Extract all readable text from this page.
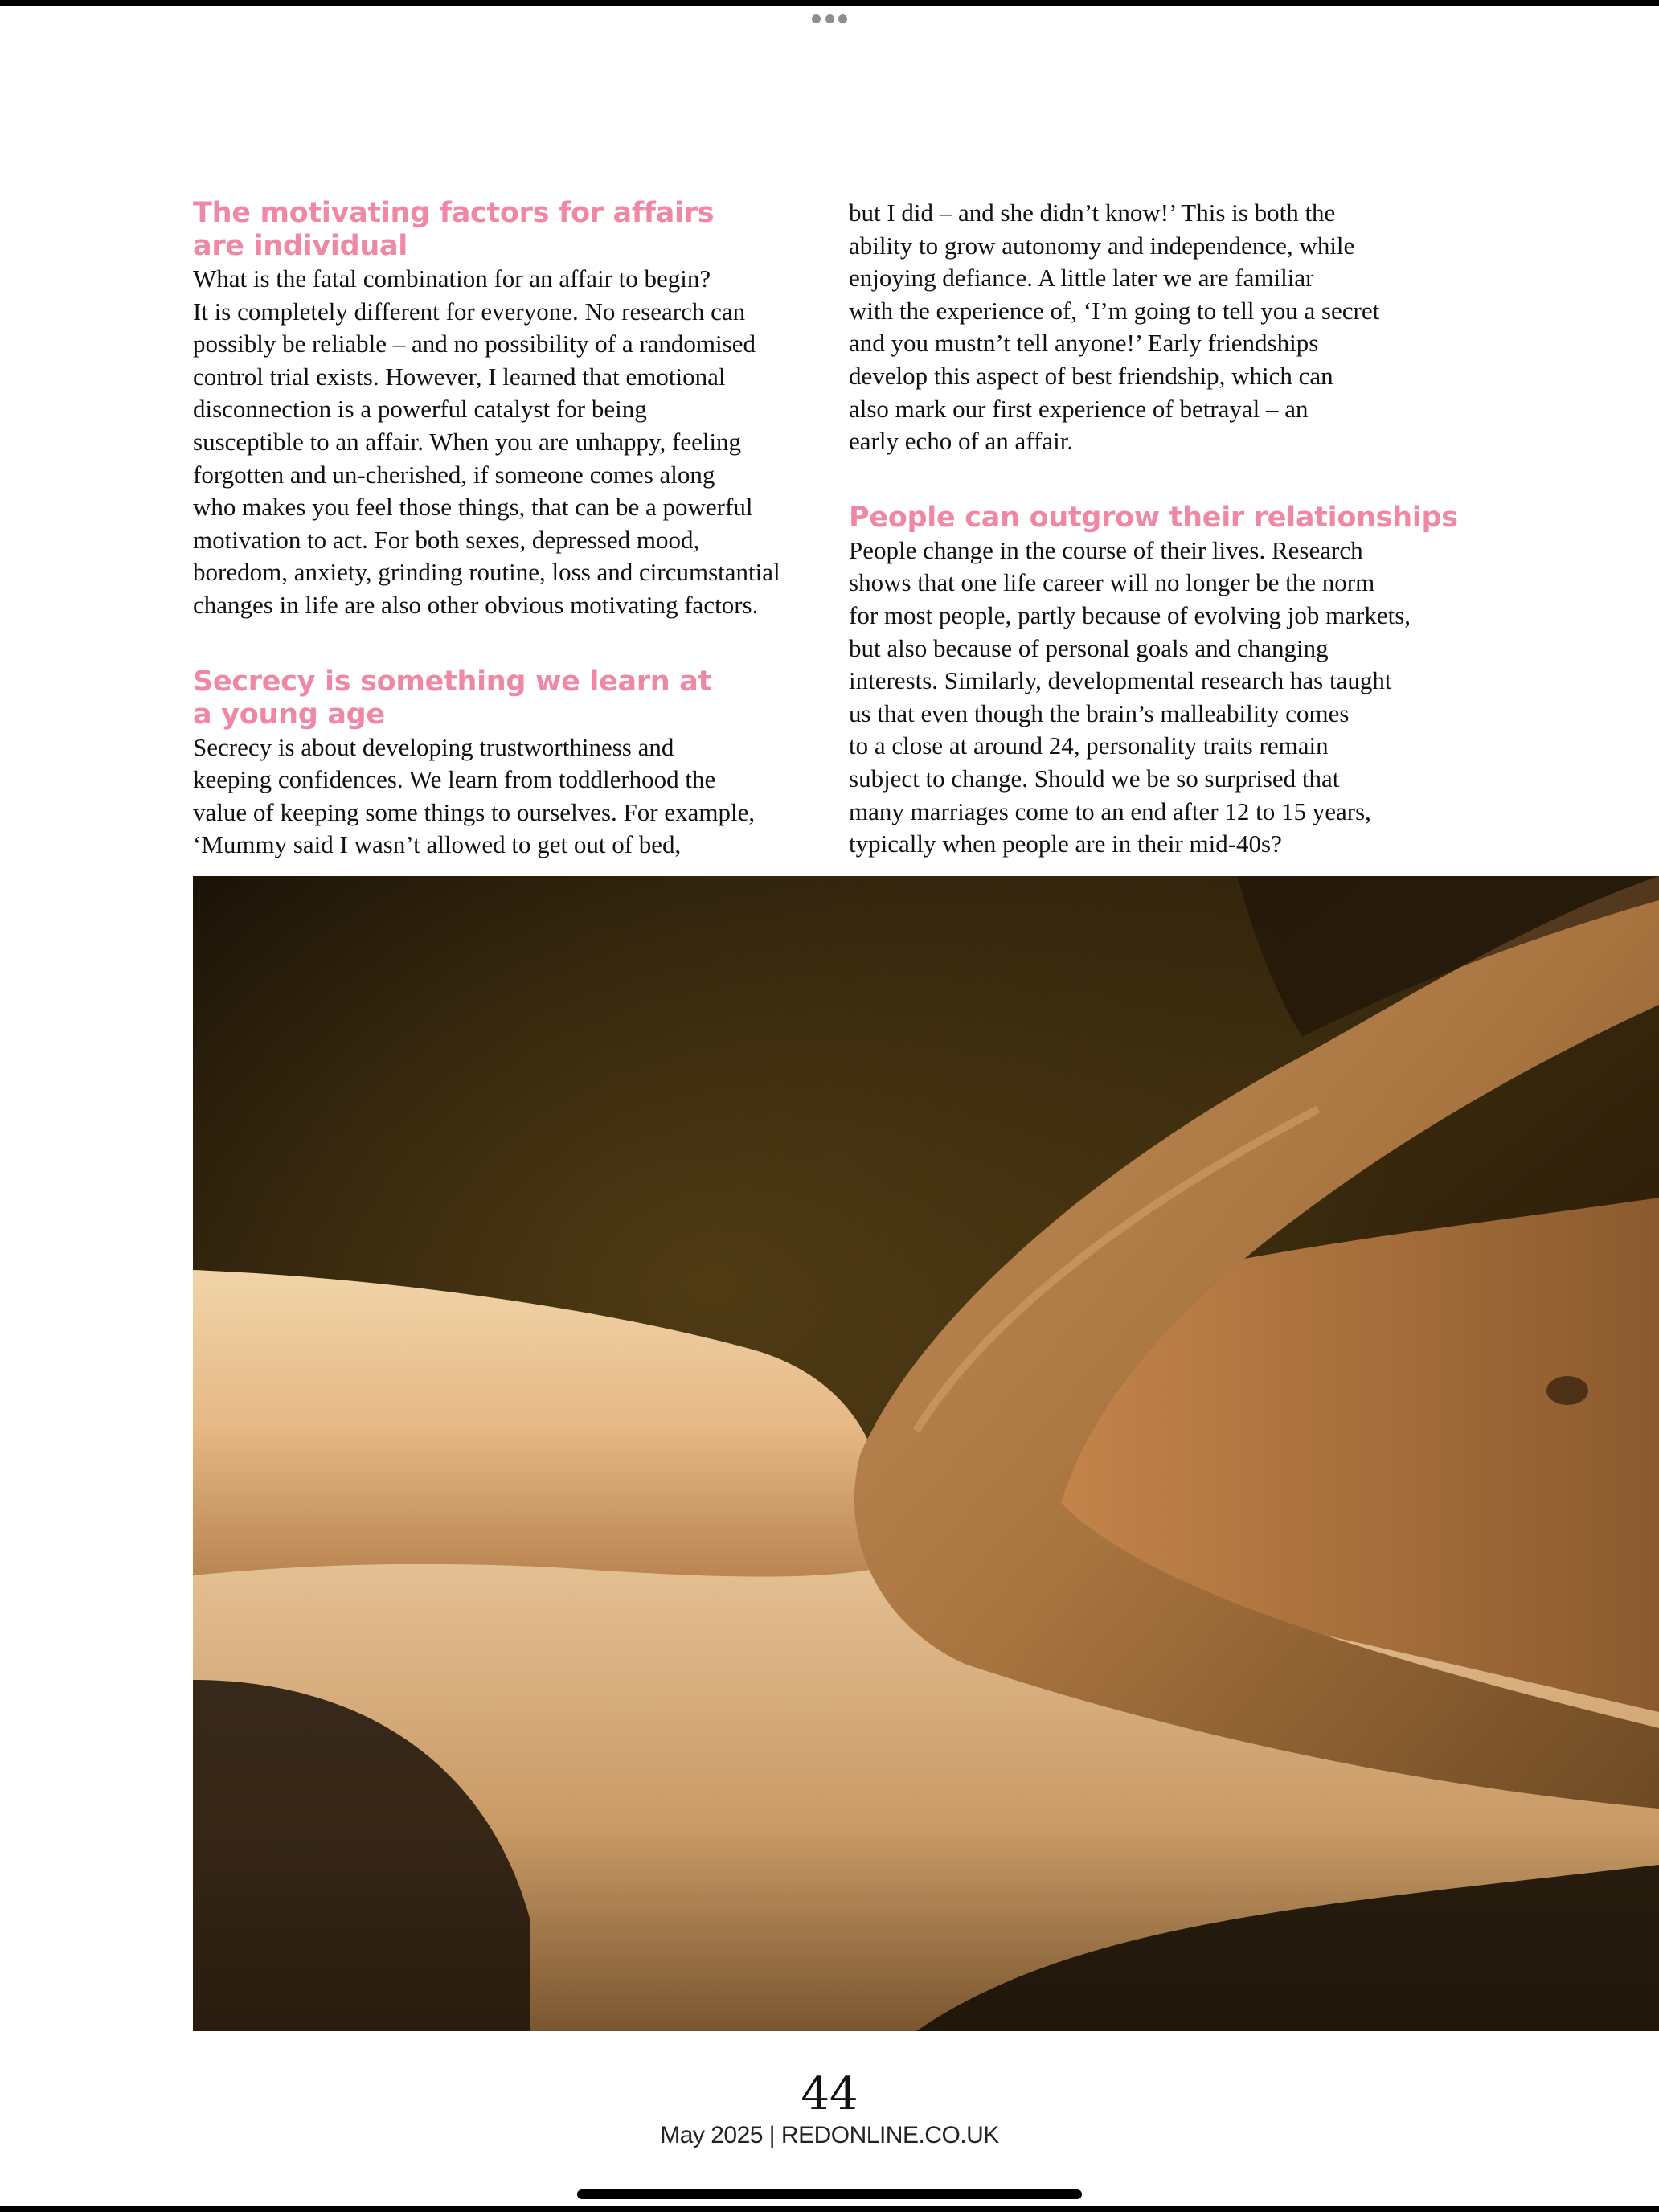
The motivating factors for affairs
are individual

What is the fatal combination for an affair to begin?
It is completely different for everyone. No research can
possibly be reliable – and no possibility of a randomised
control trial exists. However, I learned that emotional
disconnection is a powerful catalyst for being
susceptible to an affair. When you are unhappy, feeling
forgotten and un-cherished, if someone comes along
who makes you feel those things, that can be a powerful
motivation to act. For both sexes, depressed mood,
boredom, anxiety, grinding routine, loss and circumstantial
changes in life are also other obvious motivating factors.

Secrecy is something we learn at
a young age

Secrecy is about developing trustworthiness and
keeping confidences. We learn from toddlerhood the
value of keeping some things to ourselves. For example,
‘Mummy said I wasn’t allowed to get out of bed,

but I did – and she didn’t know!’ This is both the
ability to grow autonomy and independence, while
enjoying defiance. A little later we are familiar
with the experience of, ‘I’m going to tell you a secret
and you mustn’t tell anyone!’ Early friendships
develop this aspect of best friendship, which can
also mark our first experience of betrayal – an
early echo of an affair.

People can outgrow their relationships

People change in the course of their lives. Research
shows that one life career will no longer be the norm
for most people, partly because of evolving job markets,
but also because of personal goals and changing
interests. Similarly, developmental research has taught
us that even though the brain’s malleability comes
to a close at around 24, personality traits remain
subject to change. Should we be so surprised that
many marriages come to an end after 12 to 15 years,
typically when people are in their mid-40s?

44
May 2025 | REDONLINE.CO.UK
